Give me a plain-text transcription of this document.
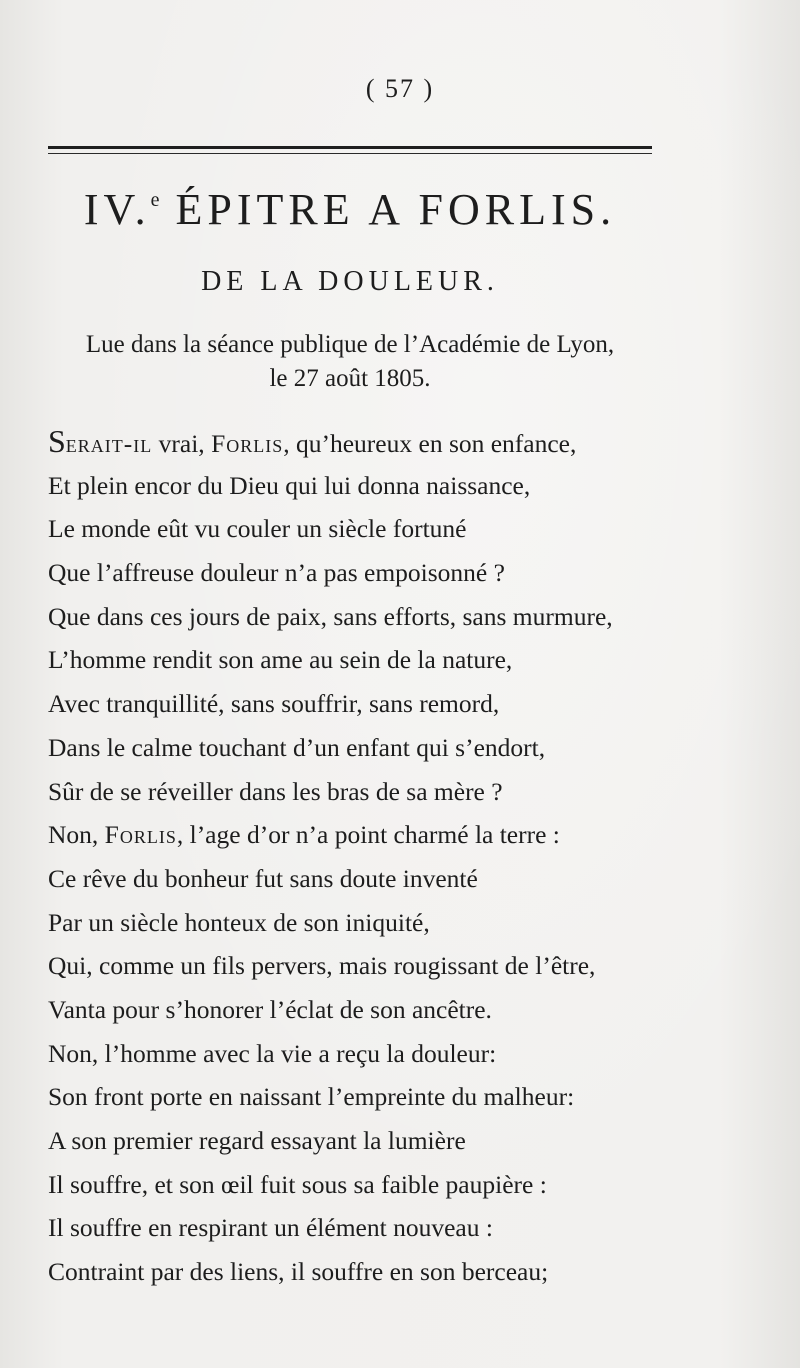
( 57 )
IV.$^e$ ÉPITRE A FORLIS.
DE LA DOULEUR.
Lue dans la séance publique de l’Académie de Lyon,
le 27 août 1805.
Serait-il vrai, Forlis, qu’heureux en son enfance,
Et plein encor du Dieu qui lui donna naissance,
Le monde eût vu couler un siècle fortuné
Que l’affreuse douleur n’a pas empoisonné ?
Que dans ces jours de paix, sans efforts, sans murmure,
L’homme rendit son ame au sein de la nature,
Avec tranquillité, sans souffrir, sans remord,
Dans le calme touchant d’un enfant qui s’endort,
Sûr de se réveiller dans les bras de sa mère ?
Non, Forlis, l’age d’or n’a point charmé la terre :
Ce rêve du bonheur fut sans doute inventé
Par un siècle honteux de son iniquité,
Qui, comme un fils pervers, mais rougissant de l’être,
Vanta pour s’honorer l’éclat de son ancêtre.
Non, l’homme avec la vie a reçu la douleur:
Son front porte en naissant l’empreinte du malheur:
A son premier regard essayant la lumière
Il souffre, et son œil fuit sous sa faible paupière :
Il souffre en respirant un élément nouveau :
Contraint par des liens, il souffre en son berceau;
